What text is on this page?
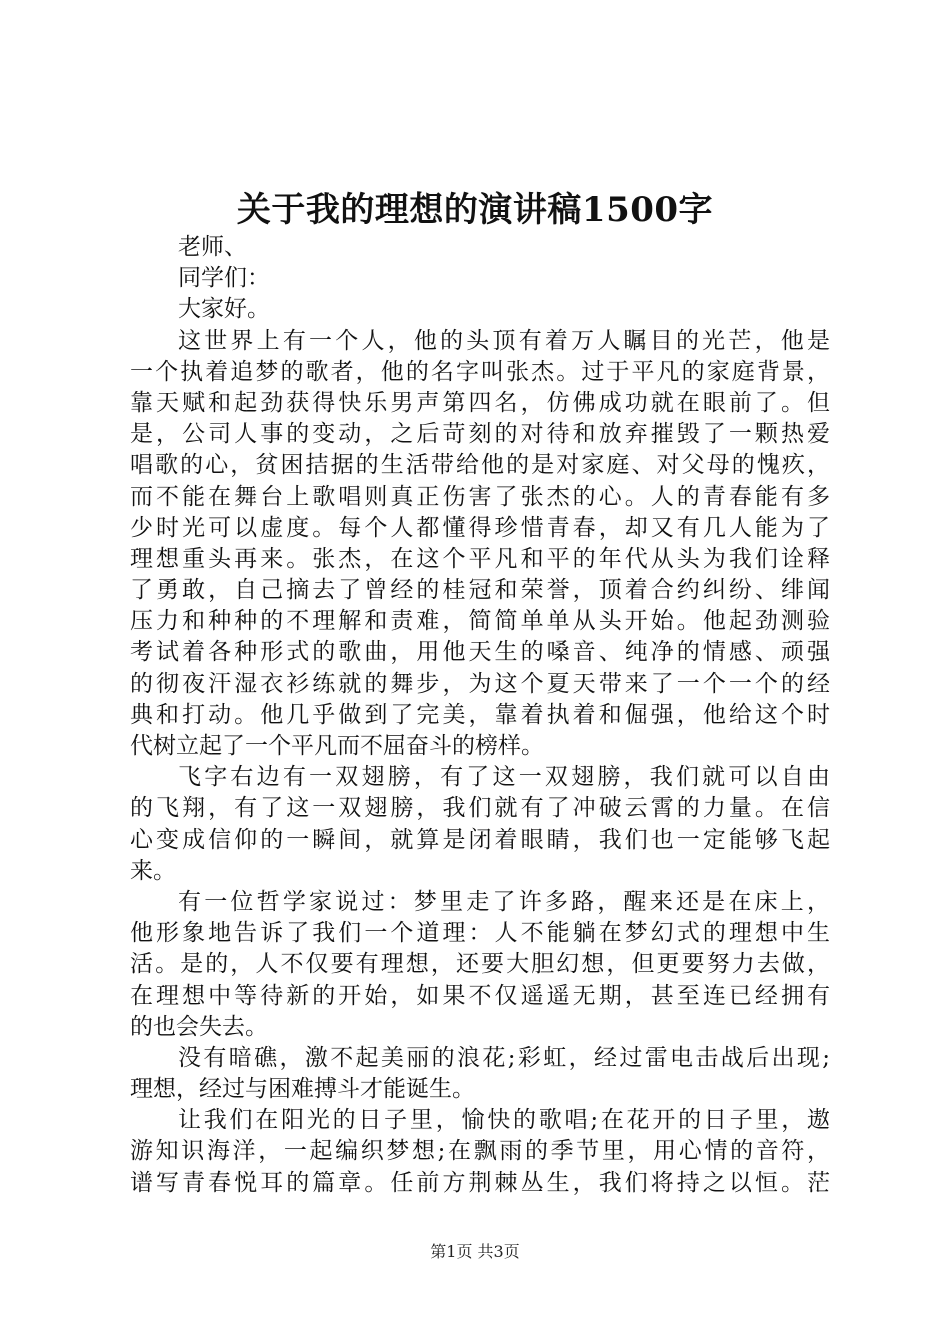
关于我的理想的演讲稿1500字
老师、
同学们：
大家好。
这世界上有一个人，他的头顶有着万人瞩目的光芒，他是
一个执着追梦的歌者，他的名字叫张杰。过于平凡的家庭背景，
靠天赋和起劲获得快乐男声第四名，仿佛成功就在眼前了。但
是，公司人事的变动，之后苛刻的对待和放弃摧毁了一颗热爱
唱歌的心，贫困拮据的生活带给他的是对家庭、对父母的愧疚，
而不能在舞台上歌唱则真正伤害了张杰的心。人的青春能有多
少时光可以虚度。每个人都懂得珍惜青春，却又有几人能为了
理想重头再来。张杰，在这个平凡和平的年代从头为我们诠释
了勇敢，自己摘去了曾经的桂冠和荣誉，顶着合约纠纷、绯闻
压力和种种的不理解和责难，简简单单从头开始。他起劲测验
考试着各种形式的歌曲，用他天生的嗓音、纯净的情感、顽强
的彻夜汗湿衣衫练就的舞步，为这个夏天带来了一个一个的经
典和打动。他几乎做到了完美，靠着执着和倔强，他给这个时
代树立起了一个平凡而不屈奋斗的榜样。
飞字右边有一双翅膀，有了这一双翅膀，我们就可以自由
的飞翔，有了这一双翅膀，我们就有了冲破云霄的力量。在信
心变成信仰的一瞬间，就算是闭着眼睛，我们也一定能够飞起
来。
有一位哲学家说过：梦里走了许多路，醒来还是在床上，
他形象地告诉了我们一个道理：人不能躺在梦幻式的理想中生
活。是的，人不仅要有理想，还要大胆幻想，但更要努力去做，
在理想中等待新的开始，如果不仅遥遥无期，甚至连已经拥有
的也会失去。
没有暗礁，激不起美丽的浪花;彩虹，经过雷电击战后出现;
理想，经过与困难搏斗才能诞生。
让我们在阳光的日子里，愉快的歌唱;在花开的日子里，遨
游知识海洋，一起编织梦想;在飘雨的季节里，用心情的音符，
谱写青春悦耳的篇章。任前方荆棘丛生，我们将持之以恒。茫
第1页 共3页
